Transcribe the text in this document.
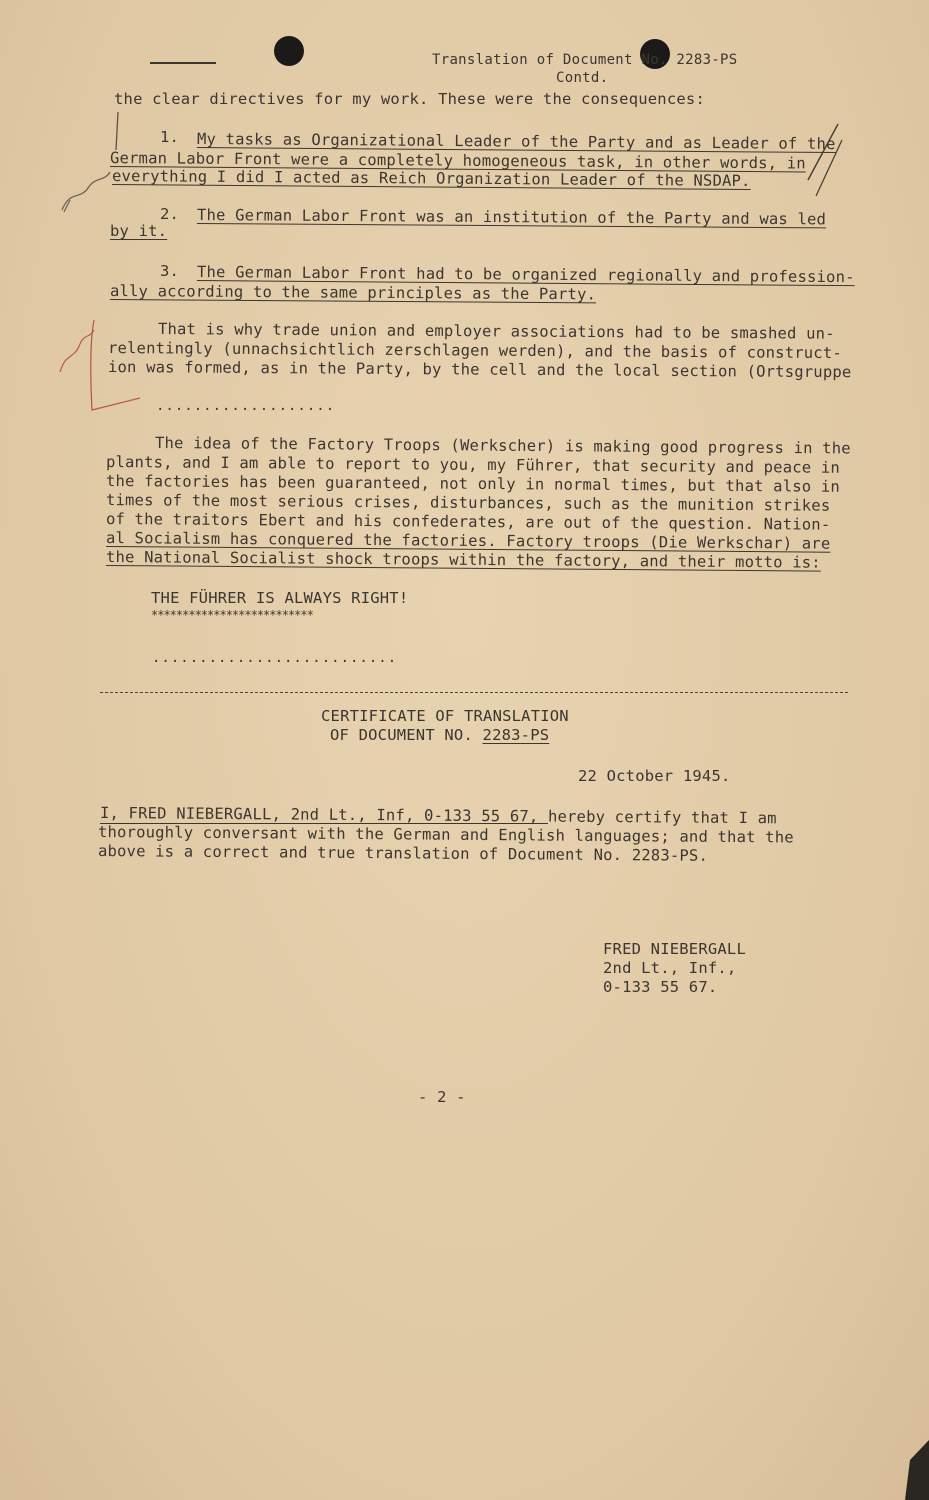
Translation of Document No. 2283-PS
Contd.
the clear directives for my work. These were the consequences:
1. My tasks as Organizational Leader of the Party and as Leader of the
German Labor Front were a completely homogeneous task, in other words, in
everything I did I acted as Reich Organization Leader of the NSDAP.
2. The German Labor Front was an institution of the Party and was led
by it.
3. The German Labor Front had to be organized regionally and profession-
ally according to the same principles as the Party.
That is why trade union and employer associations had to be smashed un-
relentingly (unnachsichtlich zerschlagen werden), and the basis of construct-
ion was formed, as in the Party, by the cell and the local section (Ortsgruppe
...................
The idea of the Factory Troops (Werkscher) is making good progress in the
plants, and I am able to report to you, my Führer, that security and peace in
the factories has been guaranteed, not only in normal times, but that also in
times of the most serious crises, disturbances, such as the munition strikes
of the traitors Ebert and his confederates, are out of the question. Nation-
al Socialism has conquered the factories. Factory troops (Die Werkschar) are
the National Socialist shock troops within the factory, and their motto is:
THE FÜHRER IS ALWAYS RIGHT!
**************************
..........................
CERTIFICATE OF TRANSLATION
OF DOCUMENT NO. 2283-PS
22 October 1945.
I, FRED NIEBERGALL, 2nd Lt., Inf, 0-133 55 67, hereby certify that I am
thoroughly conversant with the German and English languages; and that the
above is a correct and true translation of Document No. 2283-PS.
FRED NIEBERGALL
2nd Lt., Inf.,
0-133 55 67.
- 2 -
